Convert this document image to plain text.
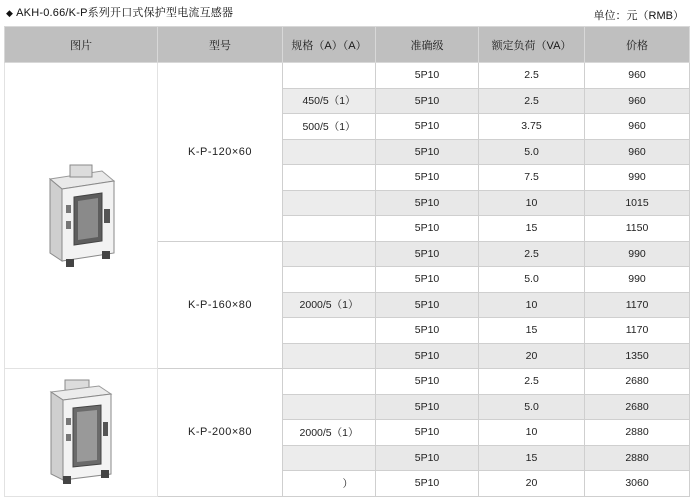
◆ AKH-0.66/K-P系列开口式保护型电流互感器	单位：元（RMB）
图片	型号	规格（A）（A）	准确级	额定负荷（VA）	价格

	K-P-120×60		5P10	2.5	960
		450/5（1）	5P10	2.5	960
		500/5（1）	5P10	3.75	960
			5P10	5.0	960
			5P10	7.5	990
			5P10	10	1015
			5P10	15	1150
	K-P-160×80		5P10	2.5	990
			5P10	5.0	990
		2000/5（1）	5P10	10	1170
			5P10	15	1170
			5P10	20	1350

	K-P-200×80		5P10	2.5	2680
			5P10	5.0	2680
		2000/5（1）	5P10	10	2880
			5P10	15	2880
		）	5P10	20	3060
